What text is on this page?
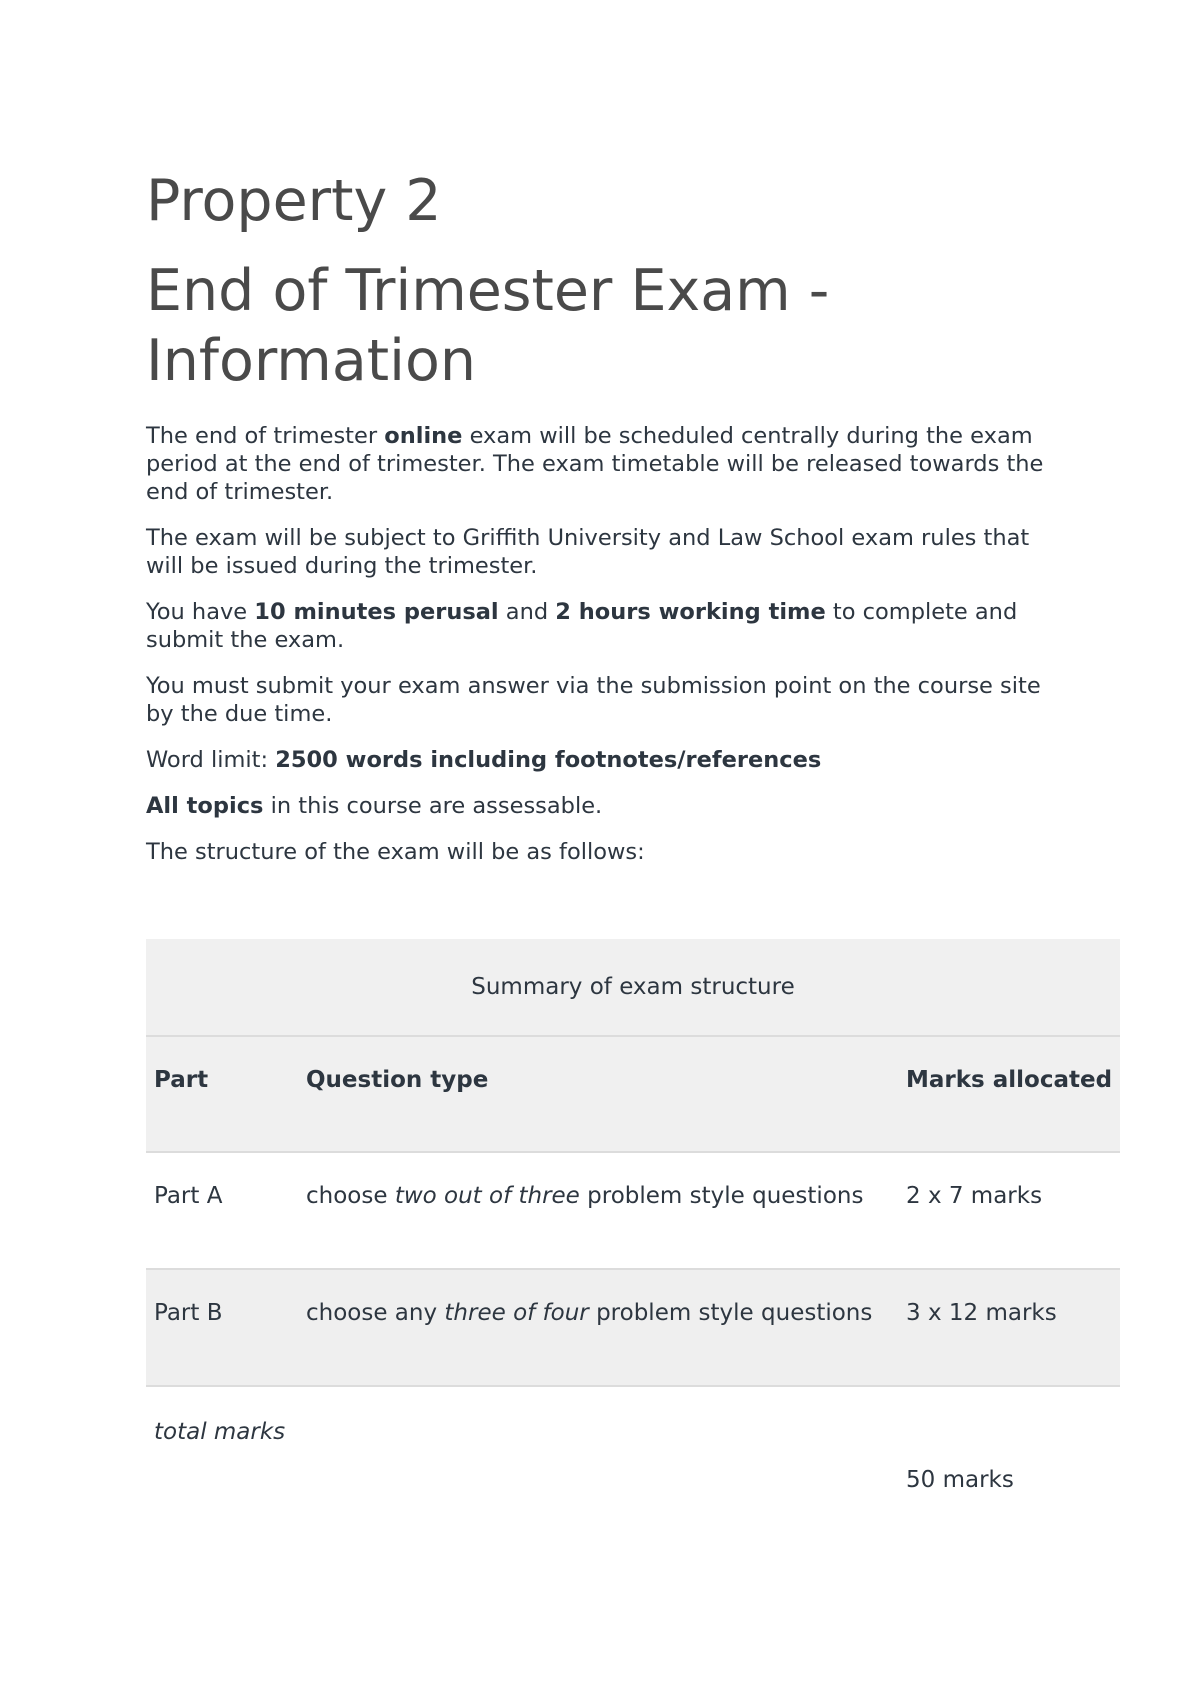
Property 2
End of Trimester Exam - Information

The end of trimester online exam will be scheduled centrally during the exam period at the end of trimester. The exam timetable will be released towards the end of trimester.

The exam will be subject to Griffith University and Law School exam rules that will be issued during the trimester.

You have 10 minutes perusal and 2 hours working time to complete and submit the exam.

You must submit your exam answer via the submission point on the course site by the due time.

Word limit: 2500 words including footnotes/references

All topics in this course are assessable.

The structure of the exam will be as follows:

Summary of exam structure		
Part	Question type	Marks allocated
Part A	choose two out of three problem style questions	2 x 7 marks
Part B	choose any three of four problem style questions	3 x 12 marks
total marks		50 marks
